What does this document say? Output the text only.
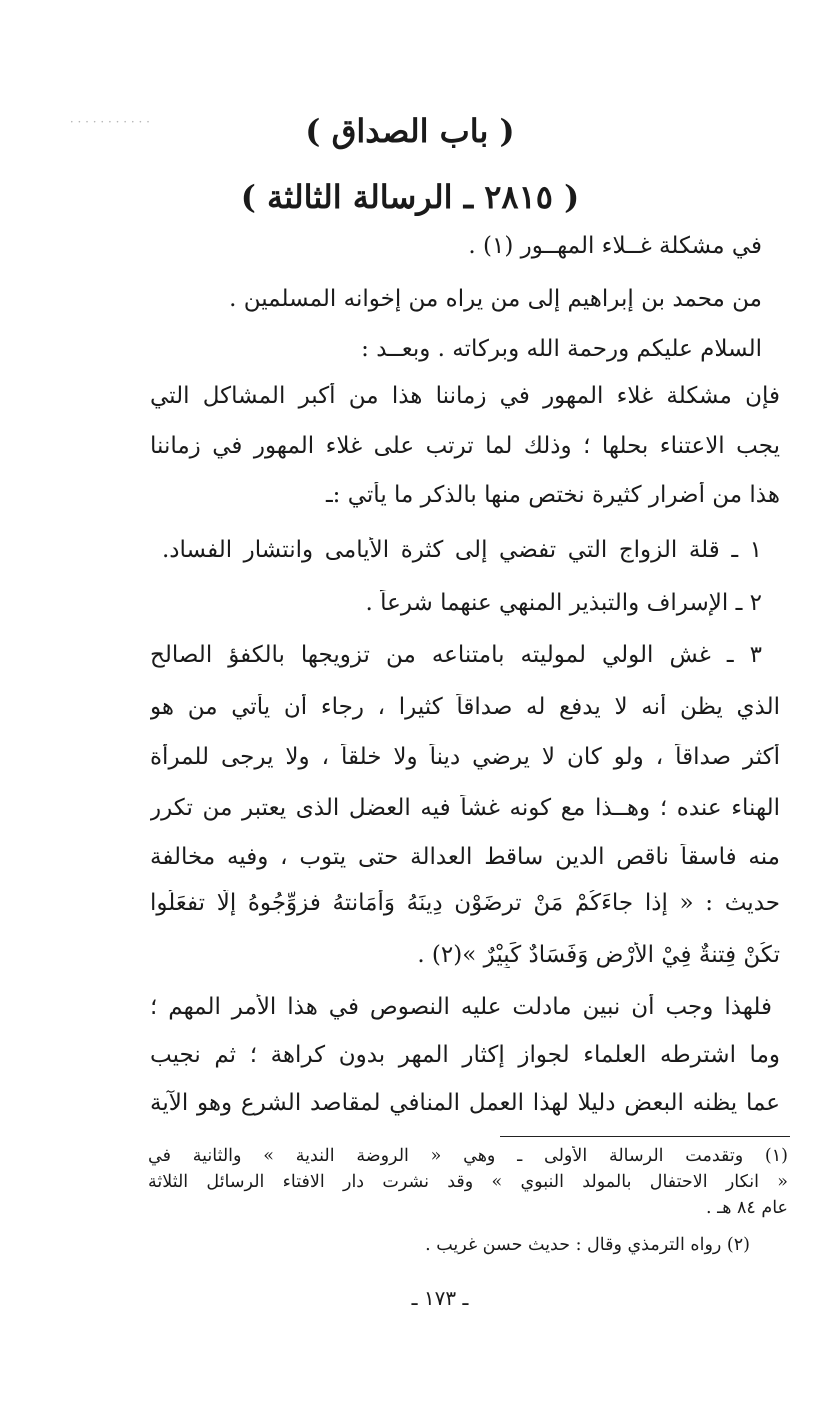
· · · · · · · · · · ·	( باب الصداق )
( ٢٨١٥ ـ الرسالة الثالثة )
في مشكلة غــلاء المهــور (١) .
من محمد بن إبراهيم إلى من يراه من إخوانه المسلمين .
السلام عليكم ورحمة الله وبركاته . وبعــد :
فإن مشكلة غلاء المهور في زماننا هذا من أكبر المشاكل التي
يجب الاعتناء بحلها ؛ وذلك لما ترتب على غلاء المهور في زماننا
هذا من أضرار كثيرة نختص منها بالذكر ما يأتي :ـ
١ ـ قلة الزواج التي تفضي إلى كثرة الأيامى وانتشار الفساد.
٢ ـ الإسراف والتبذير المنهي عنهما شرعاً .
٣ ـ غش الولي لموليته بامتناعه من تزويجها بالكفؤ الصالح
الذي يظن أنه لا يدفع له صداقاً كثيرا ، رجاء أن يأتي من هو
أكثر صداقاً ، ولو كان لا يرضي ديناً ولا خلقاً ، ولا يرجى للمرأة
الهناء عنده ؛ وهــذا مع كونه غشاً فيه العضل الذى يعتبر من تكرر
منه فاسقاً ناقص الدين ساقط العدالة حتى يتوب ، وفيه مخالفة
حديث : « إذا جاءَكُمْ مَنْ ترضَوْن دِينَهُ وَأَمَانتهُ فزوِّجُوهُ إِلَّا تفعَلُوا
تكُنْ فِتنةٌ فِيْ الأَرْضِ وَفَسَادٌ كَبِيْرٌ »(٢) .
فلهذا وجب أن نبين مادلت عليه النصوص في هذا الأمر المهم ؛
وما اشترطه العلماء لجواز إكثار المهر بدون كراهة ؛ ثم نجيب
عما يظنه البعض دليلا لهذا العمل المنافي لمقاصد الشرع وهو الآية
(١) وتقدمت الرسالة الأولى ـ وهي « الروضة الندية » والثانية في
« انكار الاحتفال بالمولد النبوي » وقد نشرت دار الافتاء الرسائل الثلاثة
عام ٨٤ هـ .
(٢) رواه الترمذي وقال : حديث حسن غريب .
ـ ١٧٣ ـ
